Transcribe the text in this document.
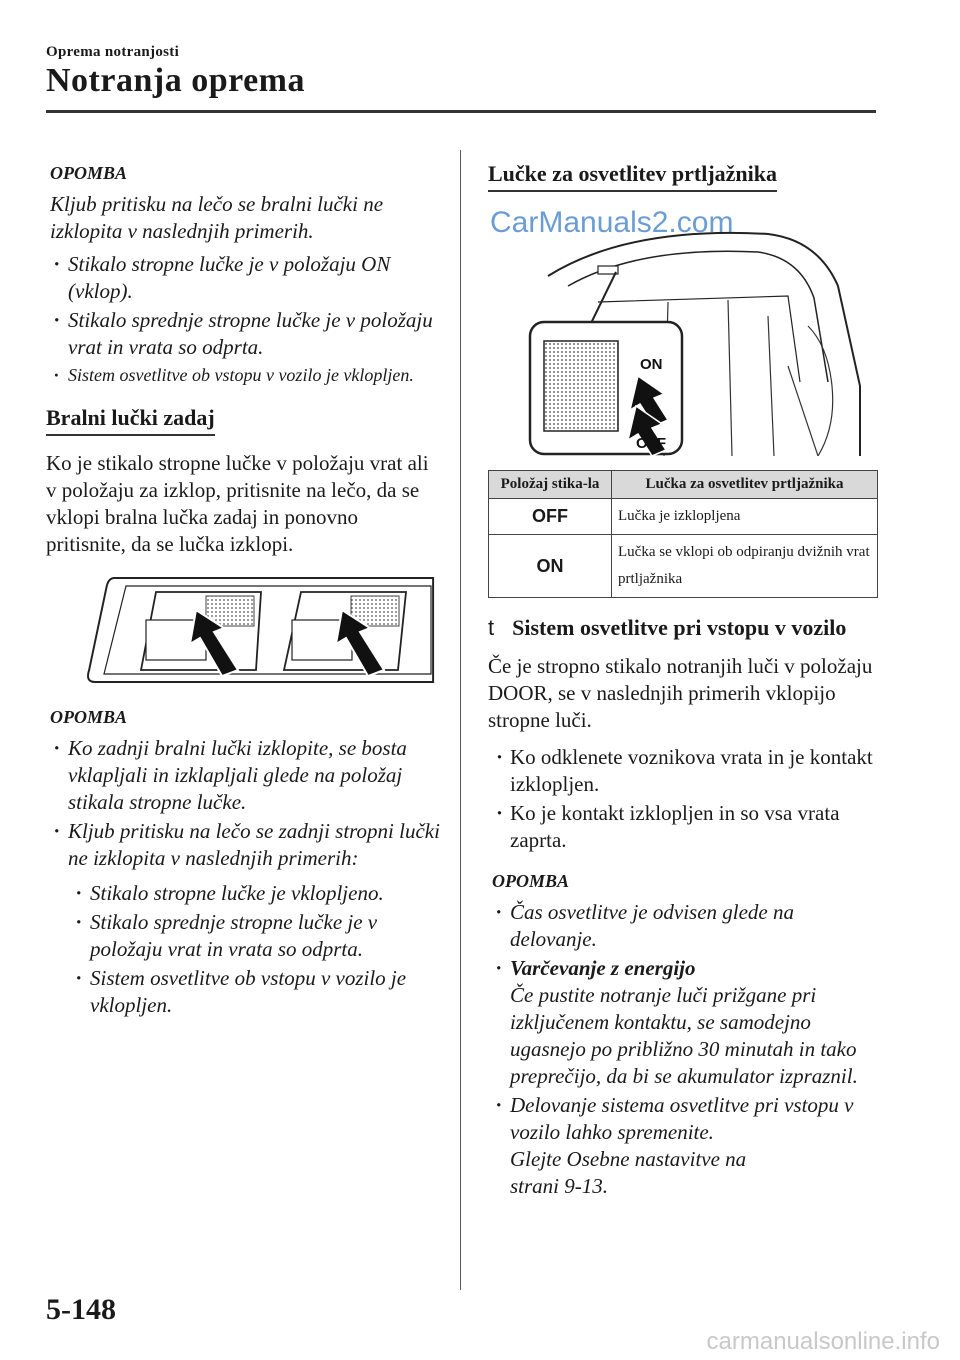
Oprema notranjosti
Notranja oprema
OPOMBA
Kljub pritisku na lečo se bralni lučki ne izklopita v naslednjih primerih.
· Stikalo stropne lučke je v položaju ON (vklop).
· Stikalo sprednje stropne lučke je v položaju vrat in vrata so odprta.
· Sistem osvetlitve ob vstopu v vozilo je vklopljen.
Bralni lučki zadaj
Ko je stikalo stropne lučke v položaju vrat ali v položaju za izklop, pritisnite na lečo, da se vklopi bralna lučka zadaj in ponovno pritisnite, da se lučka izklopi.
OPOMBA
· Ko zadnji bralni lučki izklopite, se bosta vklapljali in izklapljali glede na položaj stikala stropne lučke.
· Kljub pritisku na lečo se zadnji stropni lučki ne izklopita v naslednjih primerih:
· Stikalo stropne lučke je vklopljeno.
· Stikalo sprednje stropne lučke je v položaju vrat in vrata so odprta.
· Sistem osvetlitve ob vstopu v vozilo je vklopljen.
Lučke za osvetlitev prtljažnika
ON
OFF
CarManuals2.com
Položaj stika-la	Lučka za osvetlitev prtljažnika
OFF	Lučka je izklopljena
ON	Lučka se vklopi ob odpiranju dvižnih vrat prtljažnika
t Sistem osvetlitve pri vstopu v vozilo
Če je stropno stikalo notranjih luči v položaju DOOR, se v naslednjih primerih vklopijo stropne luči.
· Ko odklenete voznikova vrata in je kontakt izklopljen.
· Ko je kontakt izklopljen in so vsa vrata zaprta.
OPOMBA
· Čas osvetlitve je odvisen glede na delovanje.
· Varčevanje z energijo
Če pustite notranje luči prižgane pri izključenem kontaktu, se samodejno ugasnejo po približno 30 minutah in tako preprečijo, da bi se akumulator izpraznil.
· Delovanje sistema osvetlitve pri vstopu v vozilo lahko spremenite.
Glejte Osebne nastavitve na
strani 9-13.
5-148
carmanualsonline.info
